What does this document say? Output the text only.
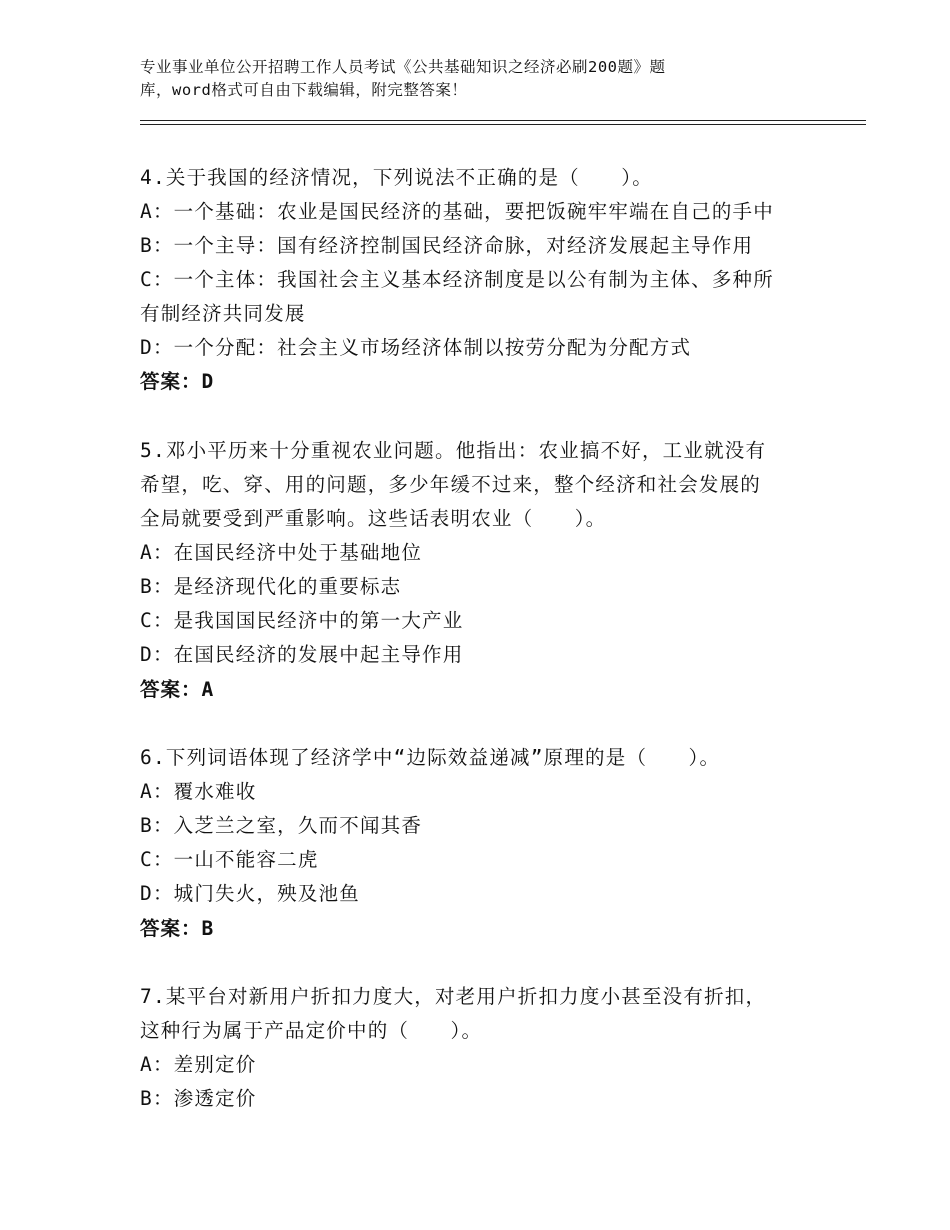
专业事业单位公开招聘工作人员考试《公共基础知识之经济必刷200题》题
库，word格式可自由下载编辑，附完整答案！
4.关于我国的经济情况，下列说法不正确的是（　　）。
A：一个基础：农业是国民经济的基础，要把饭碗牢牢端在自己的手中
B：一个主导：国有经济控制国民经济命脉，对经济发展起主导作用
C：一个主体：我国社会主义基本经济制度是以公有制为主体、多种所
有制经济共同发展
D：一个分配：社会主义市场经济体制以按劳分配为分配方式
答案：D
5.邓小平历来十分重视农业问题。他指出：农业搞不好，工业就没有
希望，吃、穿、用的问题，多少年缓不过来，整个经济和社会发展的
全局就要受到严重影响。这些话表明农业（　　）。
A：在国民经济中处于基础地位
B：是经济现代化的重要标志
C：是我国国民经济中的第一大产业
D：在国民经济的发展中起主导作用
答案：A
6.下列词语体现了经济学中“边际效益递减”原理的是（　　）。
A：覆水难收
B：入芝兰之室，久而不闻其香
C：一山不能容二虎
D：城门失火，殃及池鱼
答案：B
7.某平台对新用户折扣力度大，对老用户折扣力度小甚至没有折扣，
这种行为属于产品定价中的（　　）。
A：差别定价
B：渗透定价
